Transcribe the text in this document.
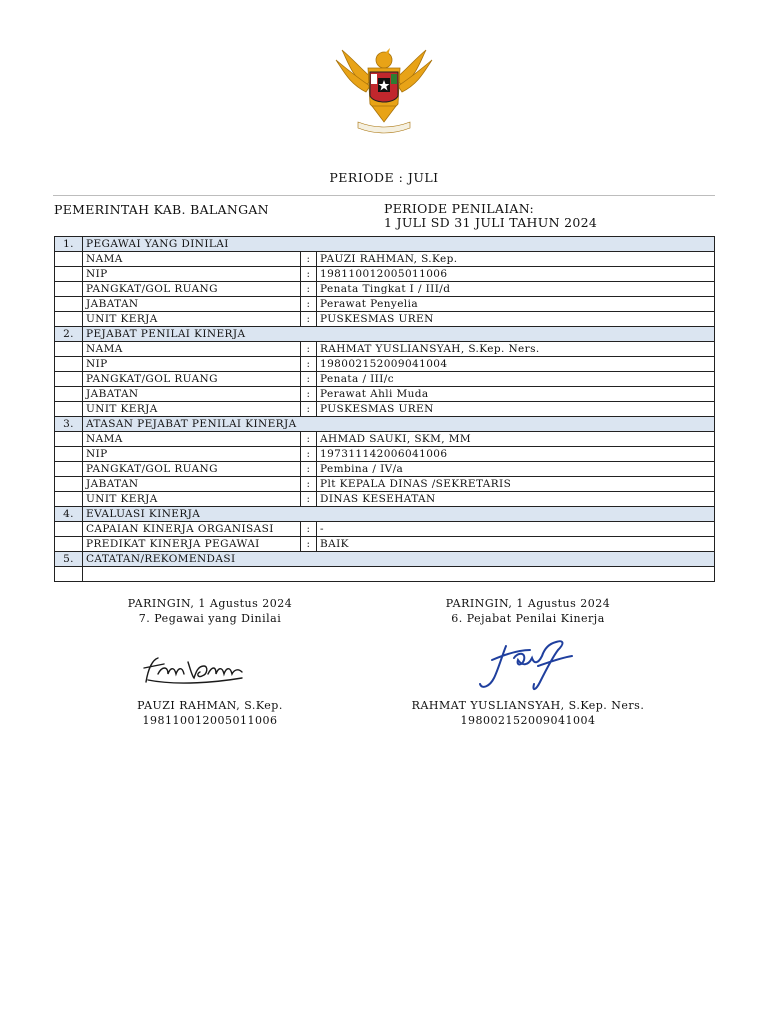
PERIODE : JULI
PEMERINTAH KAB. BALANGAN	PERIODE PENILAIAN:
1 JULI SD 31 JULI TAHUN 2024
1.	PEGAWAI YANG DINILAI		
	NAMA	:	PAUZI RAHMAN, S.Kep.
	NIP	:	198110012005011006
	PANGKAT/GOL RUANG	:	Penata Tingkat I / III/d
	JABATAN	:	Perawat Penyelia
	UNIT KERJA	:	PUSKESMAS UREN
2.	PEJABAT PENILAI KINERJA		
	NAMA	:	RAHMAT YUSLIANSYAH, S.Kep. Ners.
	NIP	:	198002152009041004
	PANGKAT/GOL RUANG	:	Penata / III/c
	JABATAN	:	Perawat Ahli Muda
	UNIT KERJA	:	PUSKESMAS UREN
3.	ATASAN PEJABAT PENILAI KINERJA		
	NAMA	:	AHMAD SAUKI, SKM, MM
	NIP	:	197311142006041006
	PANGKAT/GOL RUANG	:	Pembina / IV/a
	JABATAN	:	Plt KEPALA DINAS /SEKRETARIS
	UNIT KERJA	:	DINAS KESEHATAN
4.	EVALUASI KINERJA		
	CAPAIAN KINERJA ORGANISASI	:	-
	PREDIKAT KINERJA PEGAWAI	:	BAIK
5.	CATATAN/REKOMENDASI		

PARINGIN, 1 Agustus 2024
7. Pegawai yang Dinilai
PAUZI RAHMAN, S.Kep.
198110012005011006
PARINGIN, 1 Agustus 2024
6. Pejabat Penilai Kinerja
RAHMAT YUSLIANSYAH, S.Kep. Ners.
198002152009041004
